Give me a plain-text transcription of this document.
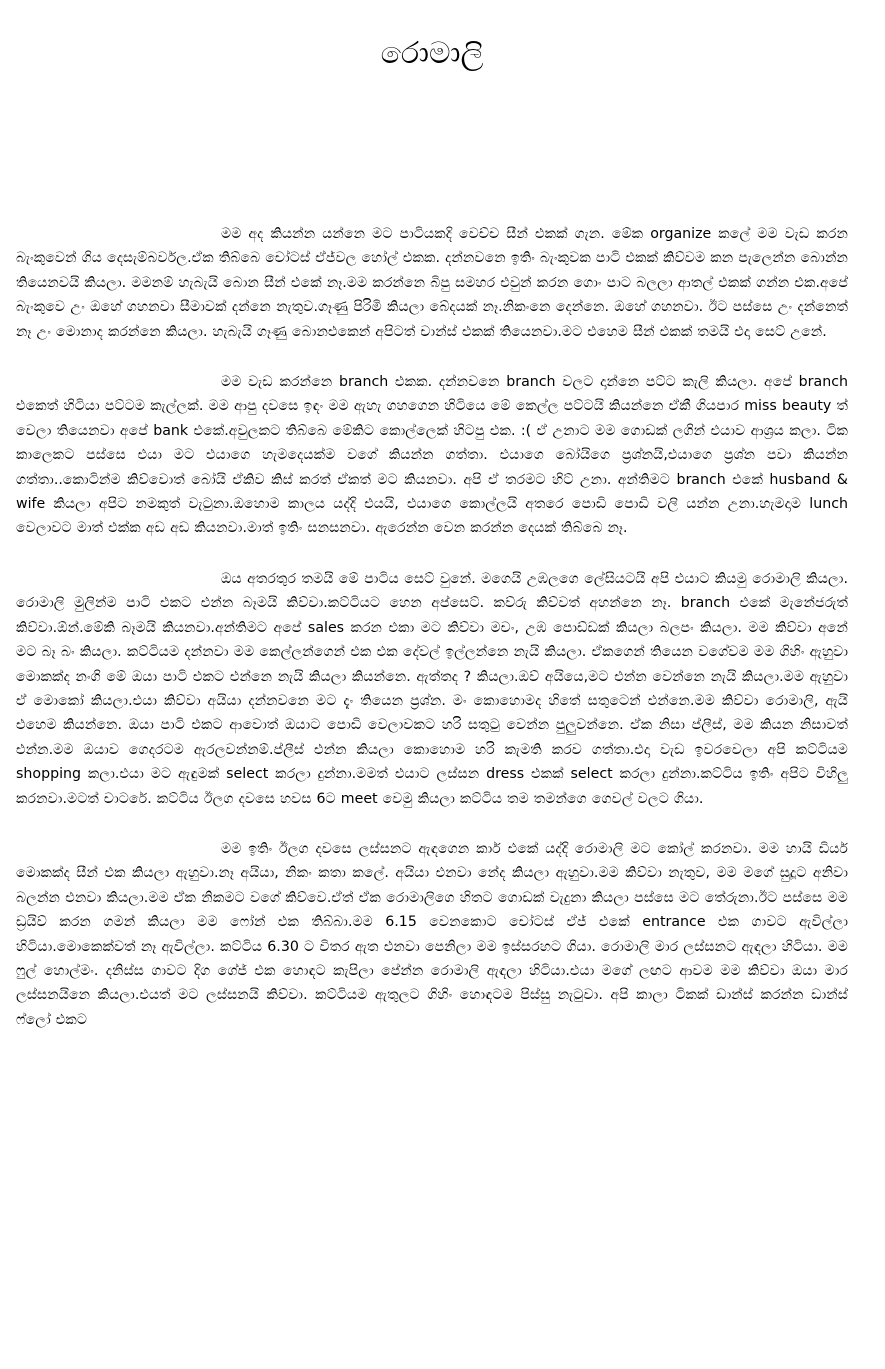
රොමාලි

මම අද කියන්න යන්නෙ මට පාටියකදි වෙච්ච සීන් එකක් ගැන. මේක organize කලේ මම වැඩ කරන බැංකුවෙන් ගිය දෙසැම්බර්වල.ඒක තිබ්බෙ චෝටස් ඒජ්වල හෝල් එකක. දන්නවනෙ ඉතිං බැංකුවක පාටි එකක් කිව්වම කන පැලෙන්න බොන්න තියෙනවයි කියලා. මමනම් හැබැයි බොන සීන් එකේ නෑ.මම කරන්නෙ බිපු සමහර එවුන් කරන ගොං පාට බලලා ආතල් එකක් ගන්න එක.අපේ බැංකුවෙ උං ඔහේ ගහනවා සීමාවක් දන්නෙ නැතුව.ගෑණු පිරිමි කියලා බේදයක් නෑ.නිකංනෙ දෙන්නෙ. ඔහේ ගහනවා. ඊට පස්සෙ උං දන්නෙත් නෑ උං මොනාද කරන්නෙ කියලා. හැබැයි ගෑණු බොනඑකෙන් අපිටත් චාන්ස් එකක් තියෙනවා.මට එහෙම සීන් එකක් තමයි එදා සෙට් උනේ.

මම වැඩ කරන්නෙ branch එකක. දන්නවනෙ branch වලට දාන්නෙ පට්ට කැලි කියලා. අපේ branch එකෙත් හිටියා පට්ටම කැල්ලක්. මම ආපු දවසෙ ඉඳං මම ඇහැ ගහගෙන හිටියෙ මේ කෙල්ල පට්ටයි කියන්නෙ ඒකී ගියපාර miss beauty ත් වෙලා තියෙනවා අපේ bank එකේ.අවුලකට තිබ්බෙ මේකිට කොල්ලෙක් හිටපු එක. :( ඒ උනාට මම ගොඩක් ලගින් එයාව ආශ්‍රය කලා. ටික කාලෙකට පස්සෙ එයා මට එයාගෙ හැමදෙයක්ම වගේ කියන්න ගත්තා. එයාගෙ බෝයිගෙ ප්‍රශ්නයි,එයාගෙ ප්‍රශ්න පවා කියන්න ගත්තා..කොටින්ම කිව්වොත් බෝයි ඒකිව කිස් කරත් ඒකත් මට කියනවා. අපි ඒ තරමට හිට් උනා. අන්තිමට branch එකේ husband & wife කියලා අපිට නමකුත් වැටුනා.ඔහොම කාලය යද්දි එයයි, එයාගෙ කොල්ලයි අතරෙ පොඩි පොඩි වලි යන්න උනා.හැමදාම lunch වෙලාවට මාත් එක්ක අඩ අඩ කියනවා.මාත් ඉතිං සනසනවා. ඇරෙන්න වෙන කරන්න දෙයක් තිබ්බෙ නෑ.

ඔය අතරතුර තමයි මේ පාටිය සෙට් වුනේ. මගෙයි උඹලගෙ ලේසියටයි අපි එයාට කියමු රොමාලි කියලා. රොමාලි මුලින්ම පාටි එකට එන්න බෑමයි කිව්වා.කට්ටියට හෙන අප්සෙට්. කව්රු කිව්වත් අහන්නෙ නෑ. branch එකේ මැනේජරුත් කිව්වා.ඕන්.මේකි බෑමයි කියනවා.අන්තිමට අපේ sales කරන එකා මට කිව්වා මචං, උඹ පොඩ්ඩක් කියලා බලපං කියලා. මම කිව්වා අනේ මට බෑ බං කියලා. කට්ටියම දන්නවා මම කෙල්ලන්ගෙන් එක එක දේවල් ඉල්ලන්නෙ නැයි කියලා. ඒකගෙන් තියෙන වගේවම මම ගිහිං ඇහුවා මොකක්ද නංගි මේ ඔයා පාටි එකට එන්නෙ නැයි කියලා කියන්නෙ. ඇත්තද ? කියලා.ඔව් අයියෙ,මට එන්න වෙන්නෙ නැයි කියලා.මම ඇහුවා ඒ මොකෝ කියලා.එයා කිව්වා අයියා දන්නවනෙ මට දැං තියෙන ප්‍රශ්න. මං කොහොමද හිතේ සතුටෙන් එන්නෙ.මම කිව්වා රොමාලි, ඇයි එහෙම කියන්නෙ. ඔයා පාටි එකට ආවොත් ඔයාට පොඩි වෙලාවකට හරි සතුටු වෙන්න පුලුවන්නෙ. ඒක නිසා ප්ලීස්, මම කියන නිසාවත් එන්න.මම ඔයාව ගෙදරටම ඇරලවන්නම්.ප්ලීස් එන්න කියලා කොහොම හරි කැමති කරව ගත්තා.එදා වැඩ ඉවරවෙලා අපි කට්ටියම shopping කලා.එයා මට ඇඳුමක් select කරලා දුන්නා.මමත් එයාට ලස්සන dress එකක් select කරලා දුන්නා.කට්ටිය ඉතිං අපිට විහිලු කරනවා.මටත් චාටරේ. කට්ටිය ඊලග දවසෙ හවස 6ට meet වෙමු කියලා කට්ටිය තම තමන්ගෙ ගෙවල් වලට ගියා.

මම ඉතිං ඊලග දවසෙ ලස්සනට ඇඳගෙන කාර් එකේ යද්දි රොමාලි මට කෝල් කරනවා. මම හායි ඩියර් මොකක්ද සීන් එක කියලා ඇහුවා.නෑ අයියා, නිකං කතා කලේ. අයියා එනවා නේද කියලා ඇහුවා.මම කිව්වා නැතුව, මම මගේ සුදූට අනිවා බලන්න එනවා කියලා.මම ඒක නිකමට වගේ කිව්වෙ.ඒත් ඒක රොමාලිගෙ හිතට ගොඩක් වැදුනා කියලා පස්සෙ මට තේරුනා.ඊට පස්සෙ මම ඩ්‍රයිව් කරන ගමන් කියලා මම ෆෝන් එක තිබ්බා.මම 6.15 වෙනකොට චෝටස් ඒජ් එකේ entrance එක ගාවට ඇවිල්ලා හිටියා.මොකෙක්වත් නෑ ඇවිල්ලා. කට්ටිය 6.30 ට විතර ඇත එනවා පෙනිලා මම ඉස්සරහට ගියා. රොමාලි මාර ලස්සනට ඇඳලා හිටියා. මම ෆුල් හොල්මං. දනිස්ස ගාවට දිග ගේජ් එක හොඳට කැපිලා පේන්න රොමාලි ඇඳලා හිටියා.එයා මගේ ලඟට ආවම මම කිව්වා ඔයා මාර ලස්සනයිනෙ කියලා.එයත් මට ලස්සනයි කිව්වා. කට්ටියම ඇතුලට ගිහිං හොඳටම පිස්සු නැටුවා. අපි කාලා ටිකක් ඩාන්ස් කරන්න ඩාන්ස් ෆ්ලෝ එකට
